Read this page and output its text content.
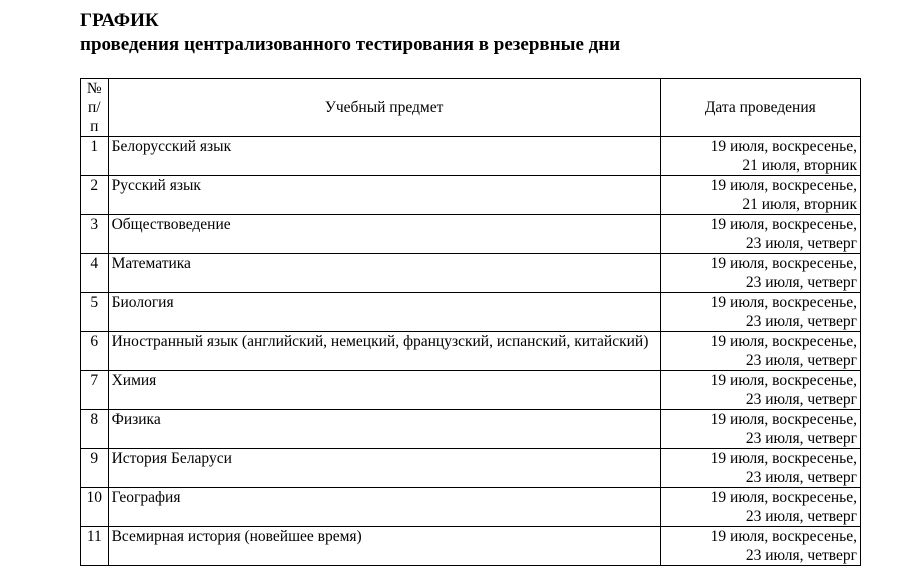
ГРАФИК
проведения централизованного тестирования в резервные дни
№ п/п	Учебный предмет	Дата проведения
1	Белорусский язык	19 июля, воскресенье,
21 июля, вторник

2	Русский язык	19 июля, воскресенье,
21 июля, вторник

3	Обществоведение	19 июля, воскресенье,
23 июля, четверг

4	Математика	19 июля, воскресенье,
23 июля, четверг

5	Биология	19 июля, воскресенье,
23 июля, четверг

6	Иностранный язык (английский, немецкий, французский, испанский, китайский)	19 июля, воскресенье,
23 июля, четверг

7	Химия	19 июля, воскресенье,
23 июля, четверг

8	Физика	19 июля, воскресенье,
23 июля, четверг

9	История Беларуси	19 июля, воскресенье,
23 июля, четверг

10	География	19 июля, воскресенье,
23 июля, четверг

11	Всемирная история (новейшее время)	19 июля, воскресенье,
23 июля, четверг
